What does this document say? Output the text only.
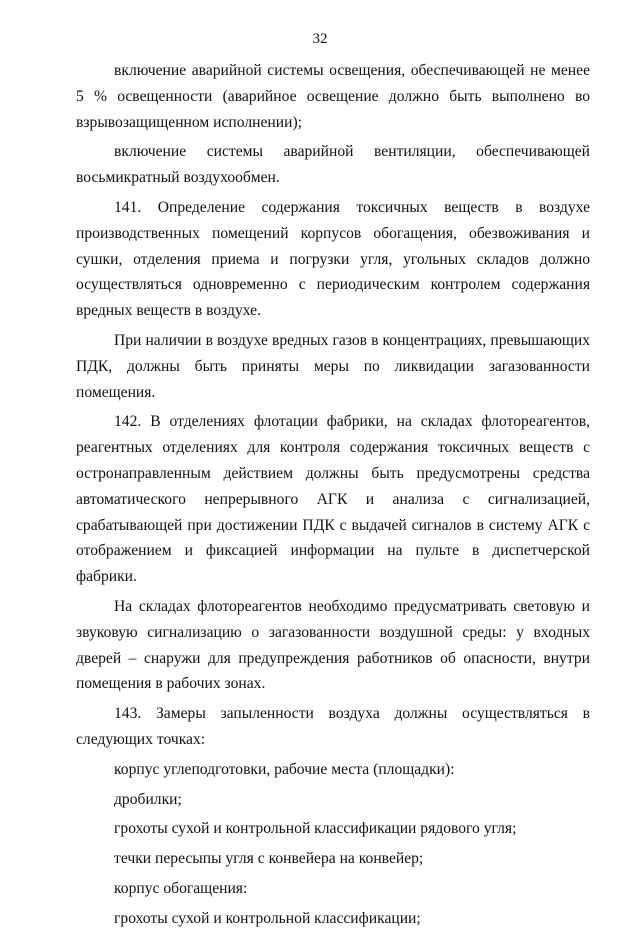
32

включение аварийной системы освещения, обеспечивающей не менее 5 % освещенности (аварийное освещение должно быть выполнено во взрывозащищенном исполнении);

включение системы аварийной вентиляции, обеспечивающей восьмикратный воздухообмен.

141. Определение содержания токсичных веществ в воздухе производственных помещений корпусов обогащения, обезвоживания и сушки, отделения приема и погрузки угля, угольных складов должно осуществляться одновременно с периодическим контролем содержания вредных веществ в воздухе.

При наличии в воздухе вредных газов в концентрациях, превышающих ПДК, должны быть приняты меры по ликвидации загазованности помещения.

142. В отделениях флотации фабрики, на складах флотореагентов, реагентных отделениях для контроля содержания токсичных веществ с остронаправленным действием должны быть предусмотрены средства автоматического непрерывного АГК и анализа с сигнализацией, срабатывающей при достижении ПДК с выдачей сигналов в систему АГК с отображением и фиксацией информации на пульте в диспетчерской фабрики.

На складах флотореагентов необходимо предусматривать световую и звуковую сигнализацию о загазованности воздушной среды: у входных дверей – снаружи для предупреждения работников об опасности, внутри помещения в рабочих зонах.

143. Замеры запыленности воздуха должны осуществляться в следующих точках:

корпус углеподготовки, рабочие места (площадки):

дробилки;

грохоты сухой и контрольной классификации рядового угля;

течки пересыпы угля с конвейера на конвейер;

корпус обогащения:

грохоты сухой и контрольной классификации;
